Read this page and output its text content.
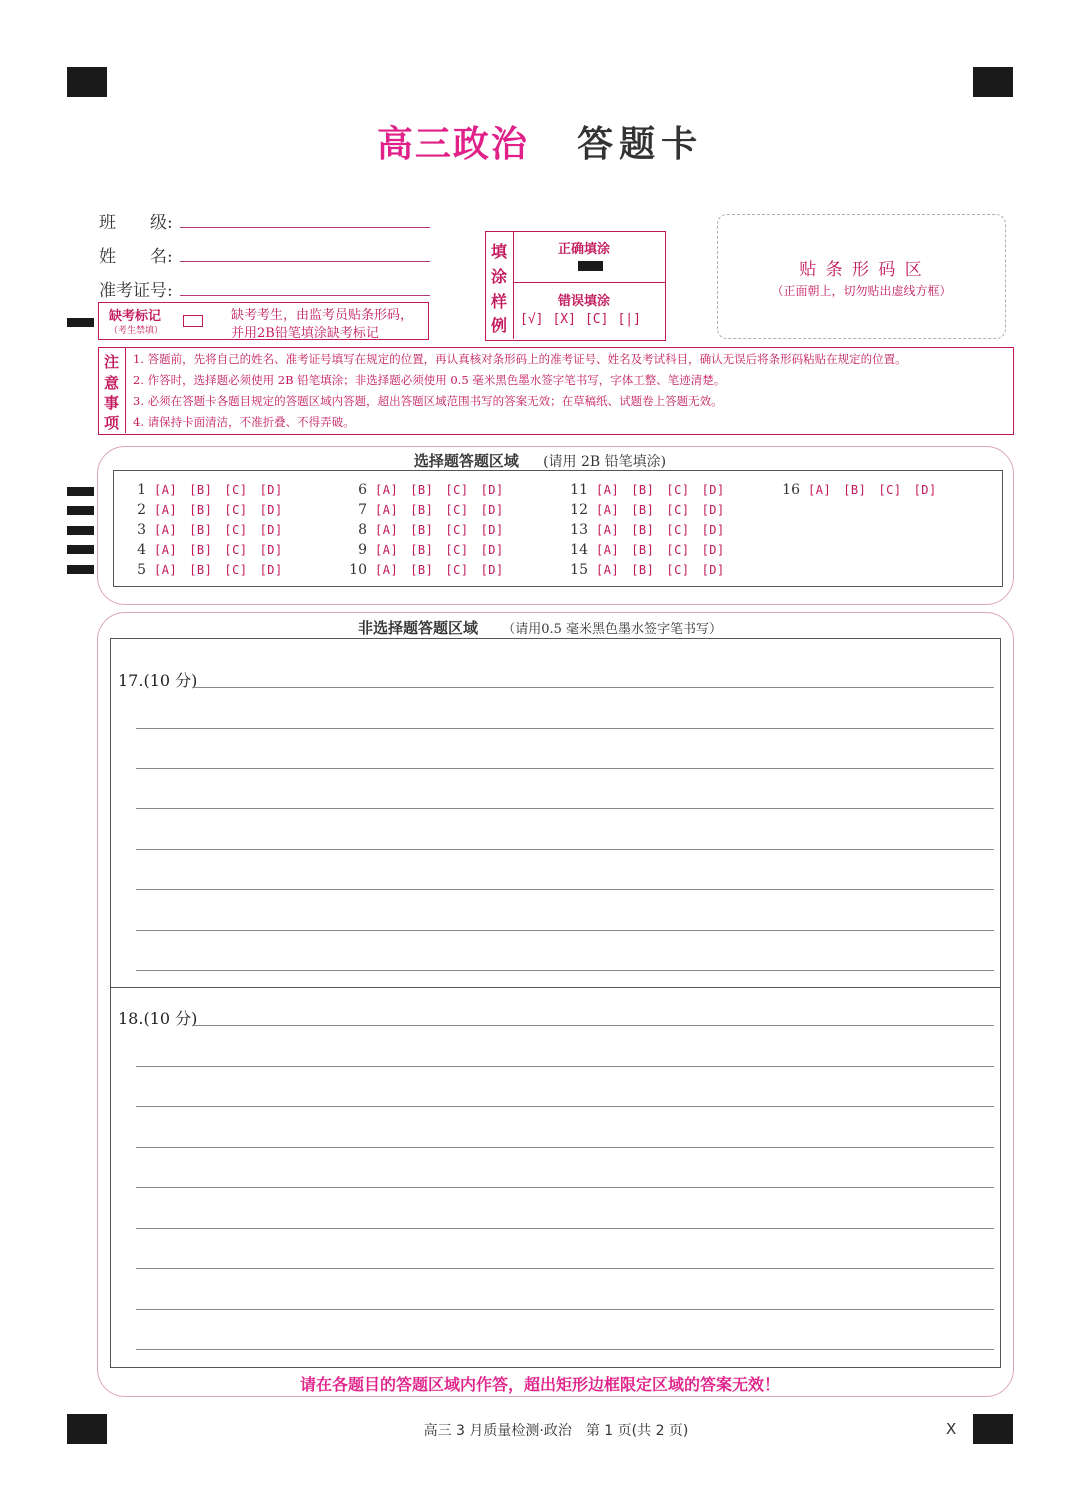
高三政治 答题卡
班　　级:
姓　　名:
准考证号:
缺考标记
（考生禁填）
缺考考生，由监考员贴条形码，
并用2B铅笔填涂缺考标记
填
涂
样
例
正确填涂
错误填涂
[√] [X] [C] [|]
贴 条 形 码 区
（正面朝上，切勿贴出虚线方框）
注
意
事
项
1. 答题前，先将自己的姓名、准考证号填写在规定的位置，再认真核对条形码上的准考证号、姓名及考试科目，确认无误后将条形码粘贴在规定的位置。
2. 作答时，选择题必须使用 2B 铅笔填涂；非选择题必须使用 0.5 毫米黑色墨水签字笔书写，字体工整、笔迹清楚。
3. 必须在答题卡各题目规定的答题区域内答题，超出答题区域范围书写的答案无效；在草稿纸、试题卷上答题无效。
4. 请保持卡面清洁，不准折叠、不得弄破。
选择题答题区域 (请用 2B 铅笔填涂)
1 [A] [B] [C] [D]
2 [A] [B] [C] [D]
3 [A] [B] [C] [D]
4 [A] [B] [C] [D]
5 [A] [B] [C] [D]
6 [A] [B] [C] [D]
7 [A] [B] [C] [D]
8 [A] [B] [C] [D]
9 [A] [B] [C] [D]
10 [A] [B] [C] [D]
11 [A] [B] [C] [D]
12 [A] [B] [C] [D]
13 [A] [B] [C] [D]
14 [A] [B] [C] [D]
15 [A] [B] [C] [D]
16 [A] [B] [C] [D]
非选择题答题区域 （请用0.5 毫米黑色墨水签字笔书写）
17.(10 分)
18.(10 分)
请在各题目的答题区域内作答，超出矩形边框限定区域的答案无效！
高三 3 月质量检测·政治　第 1 页(共 2 页)	X
